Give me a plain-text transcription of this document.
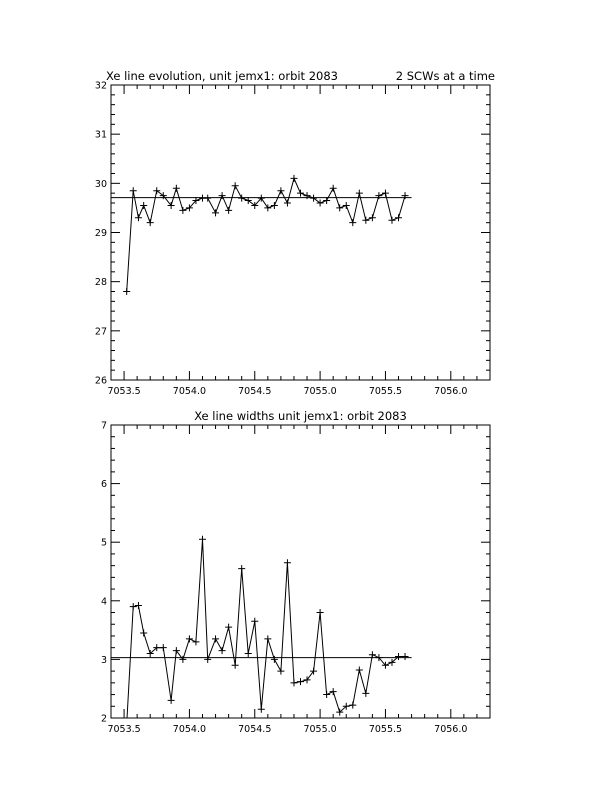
Xe line evolution, unit jemx1: orbit 2083	2 SCWs at a time
7053.5	7054.0	7054.5	7055.0	7055.5	7056.0
26
27
28
29
30
31
32
Xe line widths unit jemx1: orbit 2083
7053.5	7054.0	7054.5	7055.0	7055.5	7056.0
2
3
4
5
6
7
